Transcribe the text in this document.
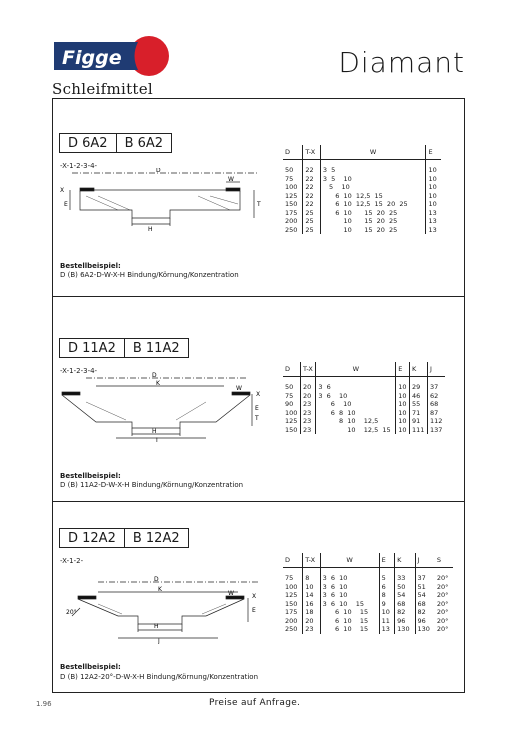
Figge
Schleifmittel
Diamant
D 6A2	B 6A2
-X-1-2-3-4-
D
W
X
E	T
H
D	T-X	W	E
50	22	3  5	10
75	22	3  5    10	10
100	22	5    10	10
125	22	6  10  12,5  15	10
150	22	6  10  12,5  15  20  25	10
175	25	6  10      15  20  25	13
200	25	10      15  20  25	13
250	25	10      15  20  25	13
Bestellbeispiel:
D (B) 6A2-D-W-X-H Bindung/Körnung/Konzentration
D 11A2	B 11A2
-X-1-2-3-4-
D
K
W
X
E
T
H
J
D	T-X	W	E	K	J
50	20	3  6	10	29	37
75	20	3  6    10	10	46	62
90	23	6    10	10	55	68
100	23	6  8  10	10	71	87
125	23	8  10    12,5	10	91	112
150	23	10    12,5  15	10	111	137
Bestellbeispiel:
D (B) 11A2-D-W-X-H Bindung/Körnung/Konzentration
D 12A2	B 12A2
-X-1-2-
D
K
W	X
E
H
J
20°
D	T-X	W	E	K	J	S
75	8	3  6  10	5	33	37	20°
100	10	3  6  10	6	50	51	20°
125	14	3  6  10	8	54	54	20°
150	16	3  6  10    15	9	68	68	20°
175	18	6  10    15	10	82	82	20°
200	20	6  10    15	11	96	96	20°
250	23	6  10    15	13	130	130	20°
Bestellbeispiel:
D (B) 12A2-20°-D-W-X-H Bindung/Körnung/Konzentration
1.96	Preise auf Anfrage.
